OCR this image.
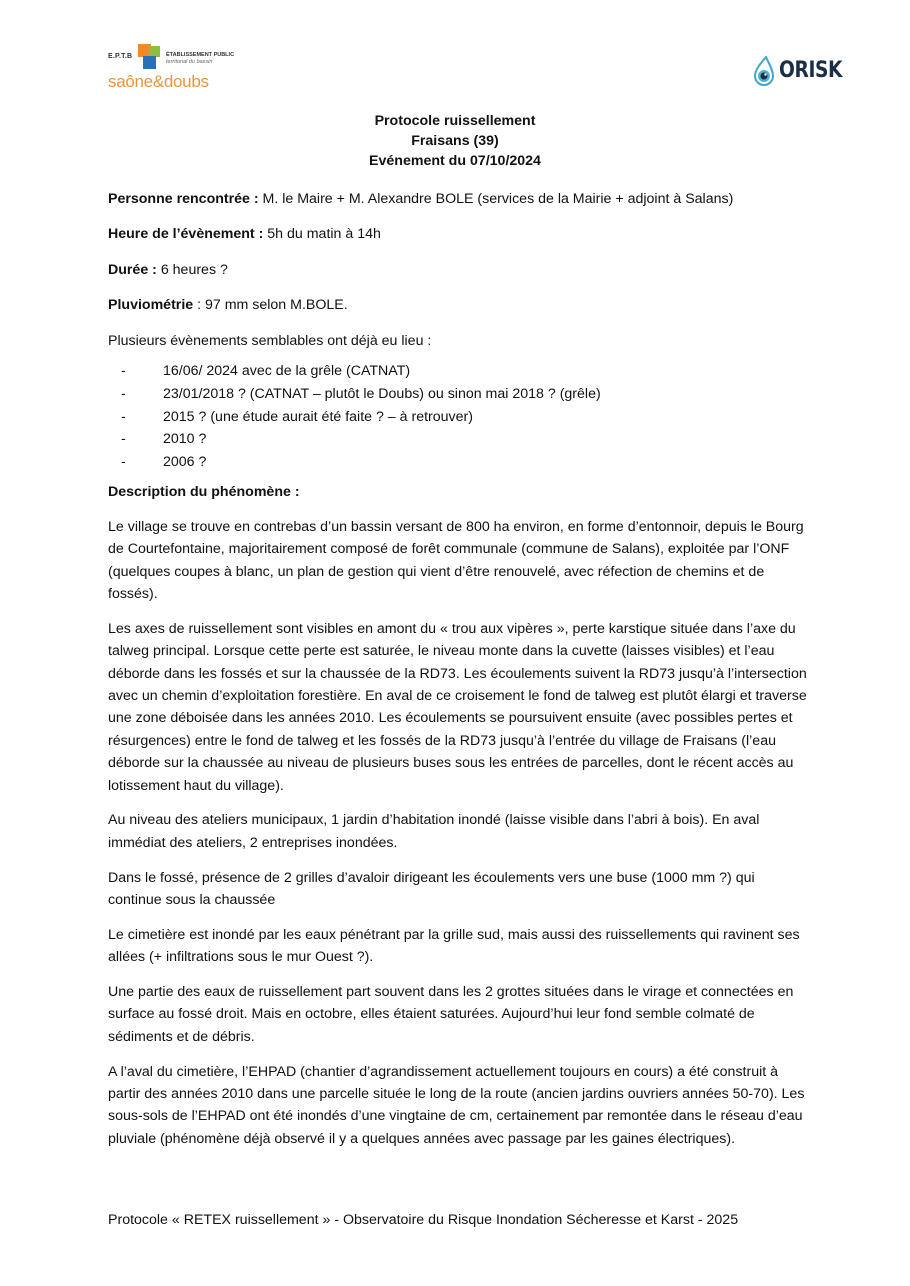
E.P.T.B	ÉTABLISSEMENT PUBLIC
territorial du bassin
saône&doubs	ORISK
Protocole ruissellement
Fraisans (39)
Evénement du 07/10/2024

Personne rencontrée : M. le Maire + M. Alexandre BOLE (services de la Mairie + adjoint à Salans)

Heure de l’évènement : 5h du matin à 14h

Durée : 6 heures ?

Pluviométrie : 97 mm selon M.BOLE.

Plusieurs évènements semblables ont déjà eu lieu :

-	16/06/ 2024 avec de la grêle (CATNAT)
-	23/01/2018 ? (CATNAT – plutôt le Doubs) ou sinon mai 2018 ? (grêle)
-	2015 ? (une étude aurait été faite ? – à retrouver)
-	2010 ?
-	2006 ?

Description du phénomène :

Le village se trouve en contrebas d’un bassin versant de 800 ha environ, en forme d’entonnoir, depuis le Bourg de Courtefontaine, majoritairement composé de forêt communale (commune de Salans), exploitée par l’ONF (quelques coupes à blanc, un plan de gestion qui vient d’être renouvelé, avec réfection de chemins et de fossés).

Les axes de ruissellement sont visibles en amont du « trou aux vipères », perte karstique située dans l’axe du talweg principal. Lorsque cette perte est saturée, le niveau monte dans la cuvette (laisses visibles) et l’eau déborde dans les fossés et sur la chaussée de la RD73. Les écoulements suivent la RD73 jusqu’à l’intersection avec un chemin d’exploitation forestière. En aval de ce croisement le fond de talweg est plutôt élargi et traverse une zone déboisée dans les années 2010. Les écoulements se poursuivent ensuite (avec possibles pertes et résurgences) entre le fond de talweg et les fossés de la RD73 jusqu’à l’entrée du village de Fraisans (l’eau déborde sur la chaussée au niveau de plusieurs buses sous les entrées de parcelles, dont le récent accès au lotissement haut du village).

Au niveau des ateliers municipaux, 1 jardin d’habitation inondé (laisse visible dans l’abri à bois). En aval immédiat des ateliers, 2 entreprises inondées.

Dans le fossé, présence de 2 grilles d’avaloir dirigeant les écoulements vers une buse (1000 mm ?) qui continue sous la chaussée

Le cimetière est inondé par les eaux pénétrant par la grille sud, mais aussi des ruissellements qui ravinent ses allées (+ infiltrations sous le mur Ouest ?).

Une partie des eaux de ruissellement part souvent dans les 2 grottes situées dans le virage et connectées en surface au fossé droit. Mais en octobre, elles étaient saturées. Aujourd’hui leur fond semble colmaté de sédiments et de débris.

A l’aval du cimetière, l’EHPAD (chantier d’agrandissement actuellement toujours en cours) a été construit à partir des années 2010 dans une parcelle située le long de la route (ancien jardins ouvriers années 50-70). Les sous-sols de l’EHPAD ont été inondés d’une vingtaine de cm, certainement par remontée dans le réseau d’eau pluviale (phénomène déjà observé il y a quelques années avec passage par les gaines électriques).

Protocole « RETEX ruissellement » - Observatoire du Risque Inondation Sécheresse et Karst - 2025
